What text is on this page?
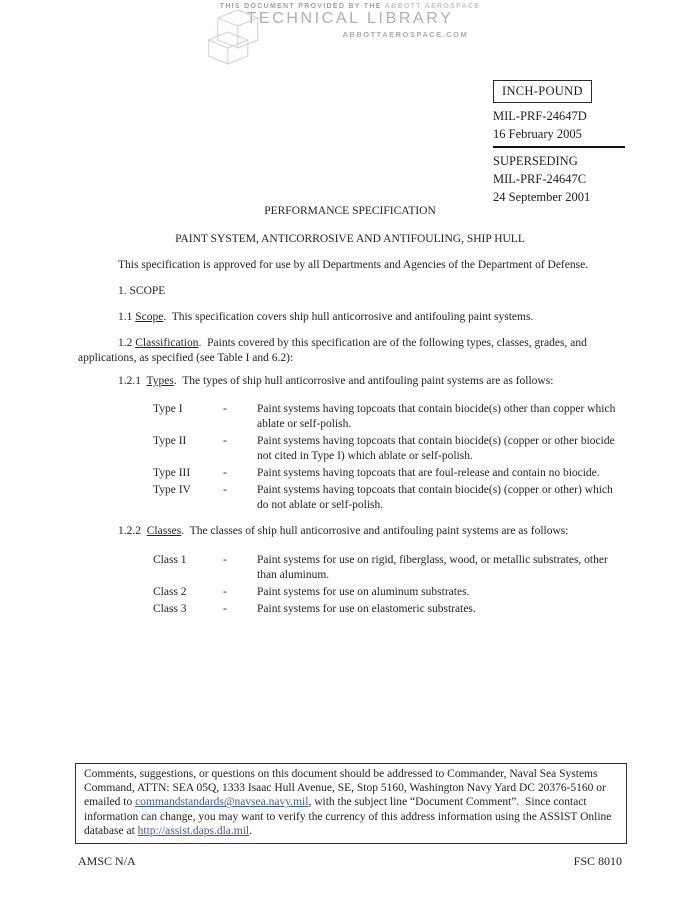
THIS DOCUMENT PROVIDED BY THE ABBOTT AEROSPACE
TECHNICAL LIBRARY
ABBOTTAEROSPACE.COM
INCH-POUND
MIL-PRF-24647D
16 February 2005
SUPERSEDING
MIL-PRF-24647C
24 September 2001

PERFORMANCE SPECIFICATION

PAINT SYSTEM, ANTICORROSIVE AND ANTIFOULING, SHIP HULL

This specification is approved for use by all Departments and Agencies of the Department of Defense.

1. SCOPE

1.1 Scope.  This specification covers ship hull anticorrosive and antifouling paint systems.

1.2 Classification.  Paints covered by this specification are of the following types, classes, grades, and applications, as specified (see Table I and 6.2):

1.2.1  Types.  The types of ship hull anticorrosive and antifouling paint systems are as follows:

Type I	-	Paint systems having topcoats that contain biocide(s) other than copper which ablate or self-polish.
Type II	-	Paint systems having topcoats that contain biocide(s) (copper or other biocide not cited in Type I) which ablate or self-polish.
Type III	-	Paint systems having topcoats that are foul-release and contain no biocide.
Type IV	-	Paint systems having topcoats that contain biocide(s) (copper or other) which do not ablate or self-polish.

1.2.2  Classes.  The classes of ship hull anticorrosive and antifouling paint systems are as follows:

Class 1	-	Paint systems for use on rigid, fiberglass, wood, or metallic substrates, other than aluminum.
Class 2	-	Paint systems for use on aluminum substrates.
Class 3	-	Paint systems for use on elastomeric substrates.

Comments, suggestions, or questions on this document should be addressed to Commander, Naval Sea Systems Command, ATTN: SEA 05Q, 1333 Isaac Hull Avenue, SE, Stop 5160, Washington Navy Yard DC 20376-5160 or emailed to commandstandards@navsea.navy.mil, with the subject line “Document Comment”.  Since contact information can change, you may want to verify the currency of this address information using the ASSIST Online database at http://assist.daps.dla.mil.

AMSC N/A	FSC 8010
